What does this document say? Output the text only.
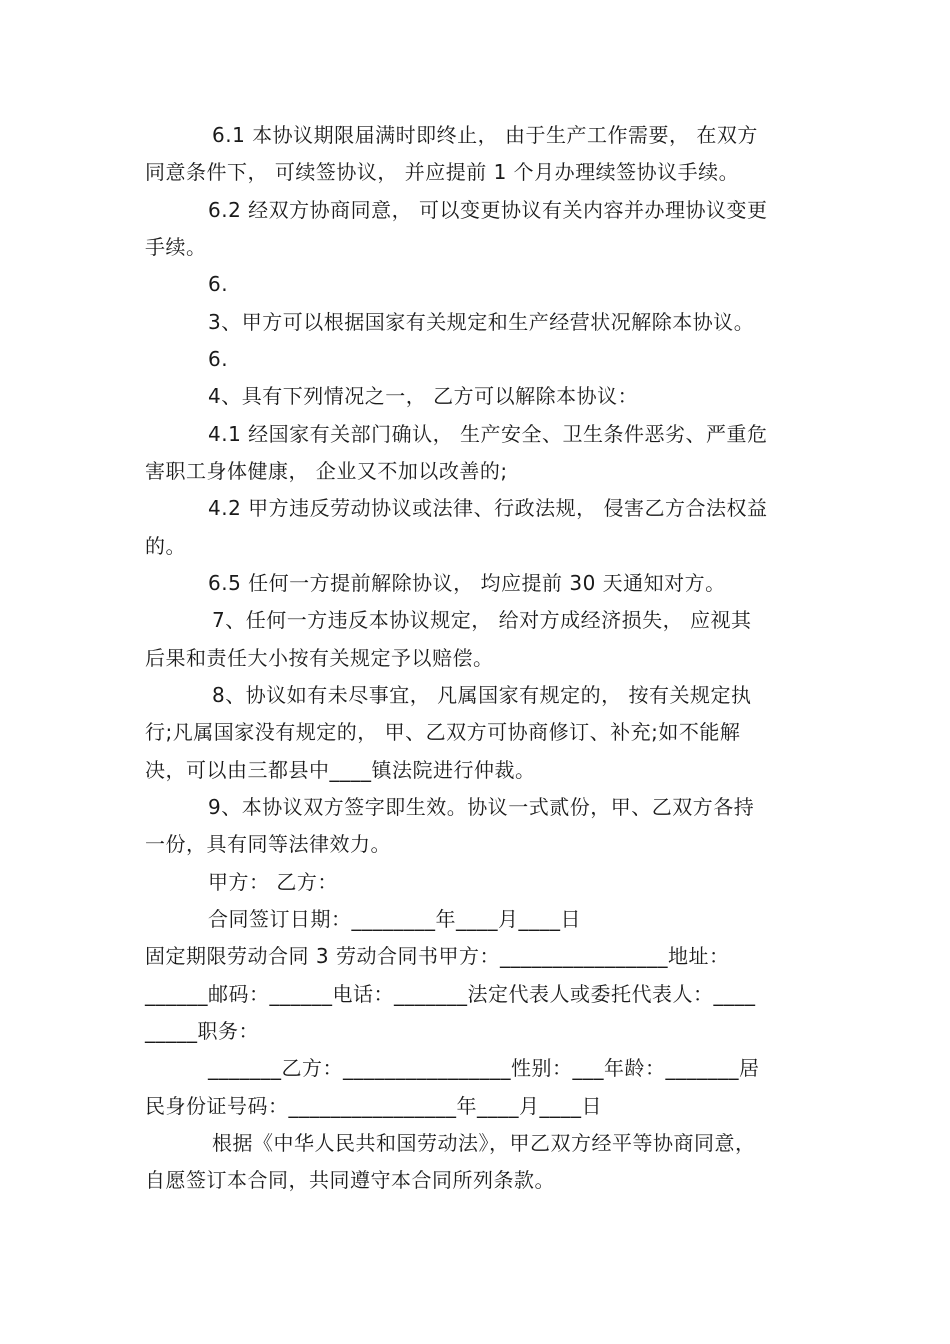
6.1 本协议期限届满时即终止， 由于生产工作需要， 在双方
同意条件下， 可续签协议， 并应提前 1 个月办理续签协议手续。
6.2 经双方协商同意， 可以变更协议有关内容并办理协议变更
手续。
6.
3、甲方可以根据国家有关规定和生产经营状况解除本协议。
6.
4、具有下列情况之一， 乙方可以解除本协议：
4.1 经国家有关部门确认， 生产安全、卫生条件恶劣、严重危
害职工身体健康， 企业又不加以改善的;
4.2 甲方违反劳动协议或法律、行政法规， 侵害乙方合法权益
的。
6.5 任何一方提前解除协议， 均应提前 30 天通知对方。
7、任何一方违反本协议规定， 给对方成经济损失， 应视其
后果和责任大小按有关规定予以赔偿。
8、协议如有未尽事宜， 凡属国家有规定的， 按有关规定执
行;凡属国家没有规定的， 甲、乙双方可协商修订、补充;如不能解
决，可以由三都县中____镇法院进行仲裁。
9、本协议双方签字即生效。协议一式贰份，甲、乙双方各持
一份，具有同等法律效力。
甲方： 乙方：
合同签订日期：________年____月____日
固定期限劳动合同 3 劳动合同书甲方：________________地址：
______邮码：______电话：_______法定代表人或委托代表人：____
_____职务：
_______乙方：________________性别：___年龄：_______居
民身份证号码：________________年____月____日
根据《中华人民共和国劳动法》，甲乙双方经平等协商同意，
自愿签订本合同，共同遵守本合同所列条款。
